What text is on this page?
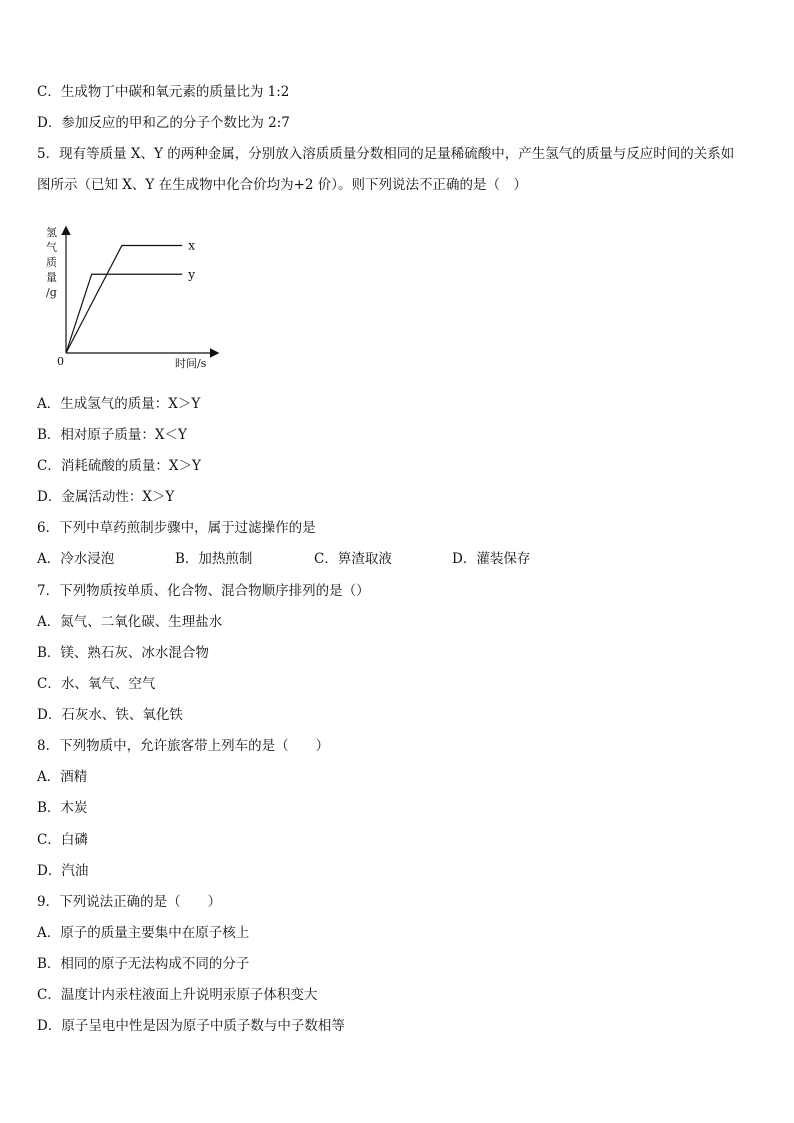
C．生成物丁中碳和氧元素的质量比为 1:2
D．参加反应的甲和乙的分子个数比为 2:7
5．现有等质量 X、Y 的两种金属，分别放入溶质质量分数相同的足量稀硫酸中，产生氢气的质量与反应时间的关系如
图所示（已知 X、Y 在生成物中化合价均为+2 价）。则下列说法不正确的是（　）
氢
气
质
量
/g
0	时间/s
x
y
A．生成氢气的质量：X＞Y
B．相对原子质量：X＜Y
C．消耗硫酸的质量：X＞Y
D．金属活动性：X＞Y
6．下列中草药煎制步骤中，属于过滤操作的是
A．冷水浸泡	B．加热煎制	C．箅渣取液	D．灌装保存
7．下列物质按单质、化合物、混合物顺序排列的是（）
A．氮气、二氧化碳、生理盐水
B．镁、熟石灰、冰水混合物
C．水、氧气、空气
D．石灰水、铁、氧化铁
8．下列物质中，允许旅客带上列车的是（　　）
A．酒精
B．木炭
C．白磷
D．汽油
9．下列说法正确的是（　　）
A．原子的质量主要集中在原子核上
B．相同的原子无法构成不同的分子
C．温度计内汞柱液面上升说明汞原子体积变大
D．原子呈电中性是因为原子中质子数与中子数相等
